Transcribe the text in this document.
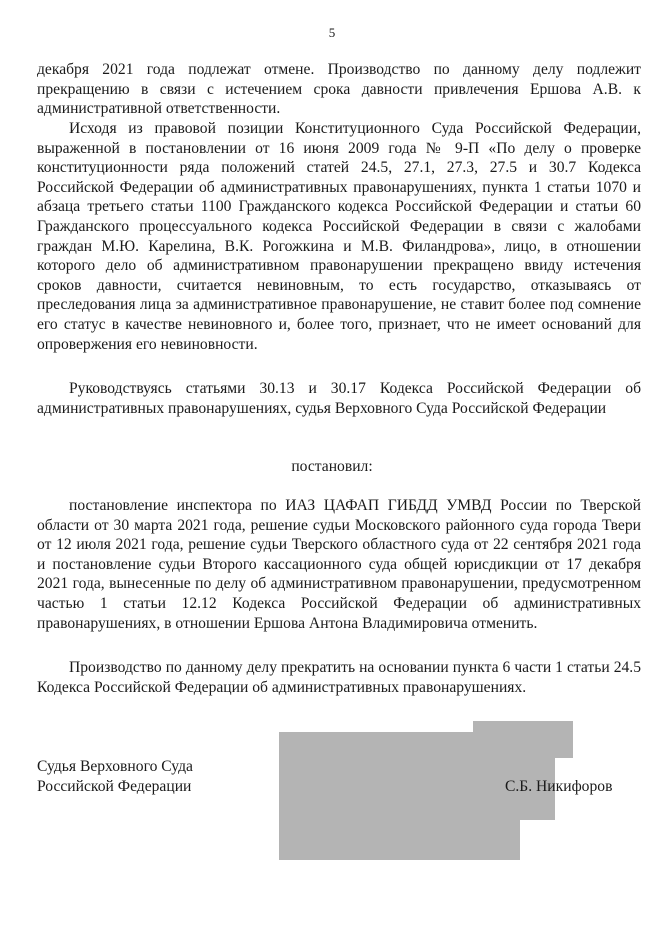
5

декабря 2021 года подлежат отмене. Производство по данному делу подлежит прекращению в связи с истечением срока давности привлечения Ершова А.В. к административной ответственности.

Исходя из правовой позиции Конституционного Суда Российской Федерации, выраженной в постановлении от 16 июня 2009 года № 9-П «По делу о проверке конституционности ряда положений статей 24.5, 27.1, 27.3, 27.5 и 30.7 Кодекса Российской Федерации об административных правонарушениях, пункта 1 статьи 1070 и абзаца третьего статьи 1100 Гражданского кодекса Российской Федерации и статьи 60 Гражданского процессуального кодекса Российской Федерации в связи с жалобами граждан М.Ю. Карелина, В.К. Рогожкина и М.В. Филандрова», лицо, в отношении которого дело об административном правонарушении прекращено ввиду истечения сроков давности, считается невиновным, то есть государство, отказываясь от преследования лица за административное правонарушение, не ставит более под сомнение его статус в качестве невиновного и, более того, признает, что не имеет оснований для опровержения его невиновности.

Руководствуясь статьями 30.13 и 30.17 Кодекса Российской Федерации об административных правонарушениях, судья Верховного Суда Российской Федерации

постановил:

постановление инспектора по ИАЗ ЦАФАП ГИБДД УМВД России по Тверской области от 30 марта 2021 года, решение судьи Московского районного суда города Твери от 12 июля 2021 года, решение судьи Тверского областного суда от 22 сентября 2021 года и постановление судьи Второго кассационного суда общей юрисдикции от 17 декабря 2021 года, вынесенные по делу об административном правонарушении, предусмотренном частью 1 статьи 12.12 Кодекса Российской Федерации об административных правонарушениях, в отношении Ершова Антона Владимировича отменить.

Производство по данному делу прекратить на основании пункта 6 части 1 статьи 24.5 Кодекса Российской Федерации об административных правонарушениях.

Судья Верховного Суда
Российской Федерации	С.Б. Никифоров
